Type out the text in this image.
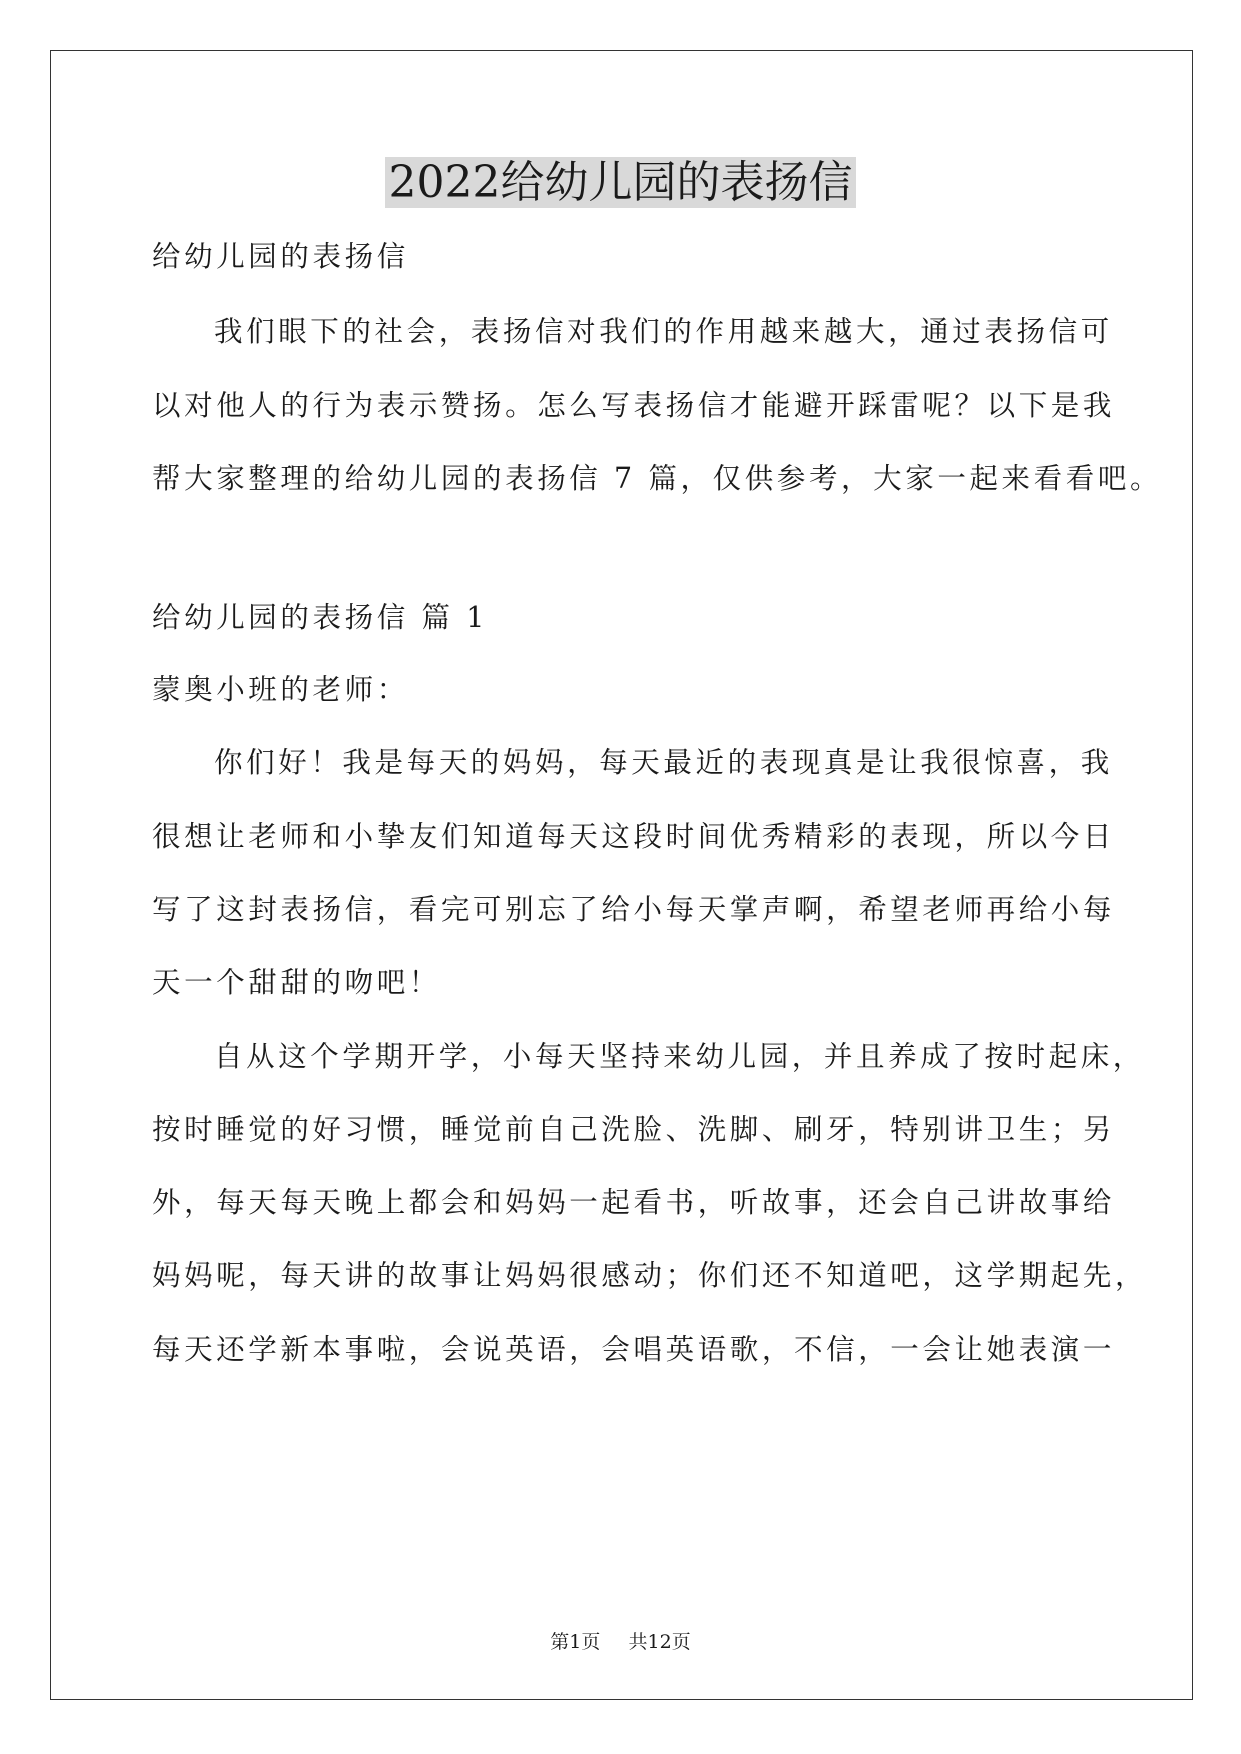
2022给幼儿园的表扬信
给幼儿园的表扬信
我们眼下的社会，表扬信对我们的作用越来越大，通过表扬信可
以对他人的行为表示赞扬。怎么写表扬信才能避开踩雷呢？以下是我
帮大家整理的给幼儿园的表扬信 7 篇，仅供参考，大家一起来看看吧。
给幼儿园的表扬信 篇 1
蒙奥小班的老师：
你们好！我是每天的妈妈，每天最近的表现真是让我很惊喜，我
很想让老师和小挚友们知道每天这段时间优秀精彩的表现，所以今日
写了这封表扬信，看完可别忘了给小每天掌声啊，希望老师再给小每
天一个甜甜的吻吧！
自从这个学期开学，小每天坚持来幼儿园，并且养成了按时起床，
按时睡觉的好习惯，睡觉前自己洗脸、洗脚、刷牙，特别讲卫生；另
外，每天每天晚上都会和妈妈一起看书，听故事，还会自己讲故事给
妈妈呢，每天讲的故事让妈妈很感动；你们还不知道吧，这学期起先，
每天还学新本事啦，会说英语，会唱英语歌，不信，一会让她表演一
第1页 共12页
